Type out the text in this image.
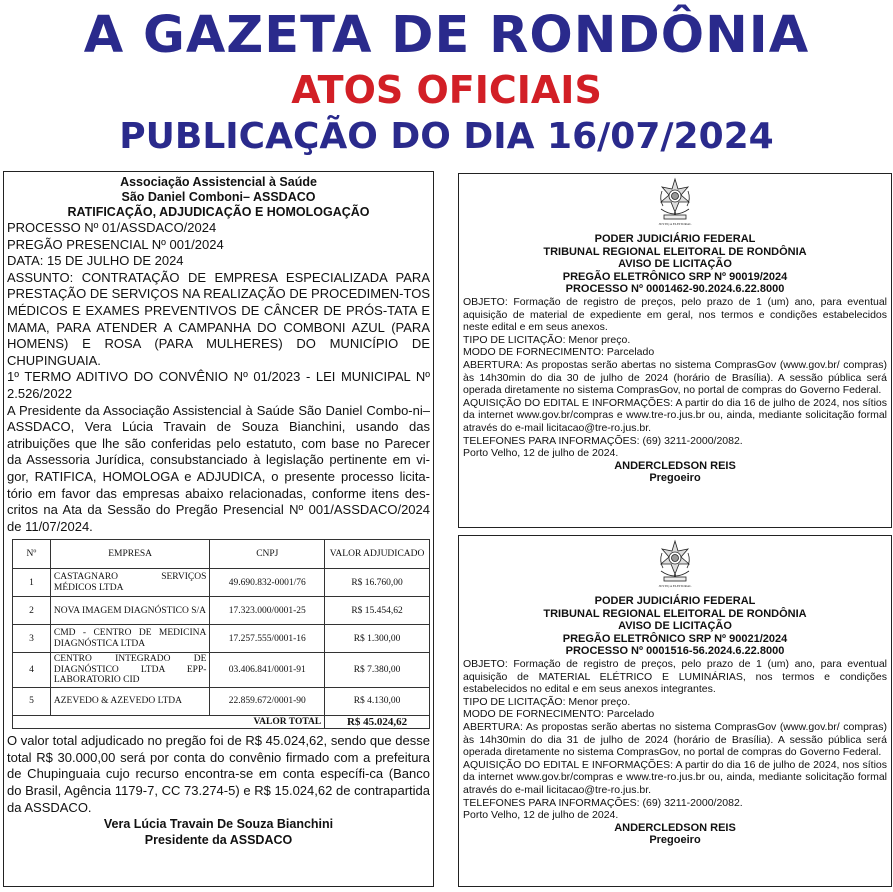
A GAZETA DE RONDÔNIA
ATOS OFICIAIS
PUBLICAÇÃO DO DIA 16/07/2024
Associação Assistencial à Saúde
São Daniel Comboni– ASSDACO
RATIFICAÇÃO, ADJUDICAÇÃO E HOMOLOGAÇÃO

PROCESSO Nº 01/ASSDACO/2024

PREGÃO PRESENCIAL Nº 001/2024

DATA: 15 DE JULHO DE 2024

ASSUNTO: CONTRATAÇÃO DE EMPRESA ESPECIALIZADA PARA PRESTAÇÃO DE SERVIÇOS NA REALIZAÇÃO DE PROCEDIMEN-TOS MÉDICOS E EXAMES PREVENTIVOS DE CÂNCER DE PRÓS-TATA E MAMA, PARA ATENDER A CAMPANHA DO COMBONI AZUL (PARA HOMENS) E ROSA (PARA MULHERES) DO MUNICÍPIO DE CHUPINGUAIA.

1º TERMO ADITIVO DO CONVÊNIO Nº 01/2023 - LEI MUNICIPAL Nº 2.526/2022

A Presidente da Associação Assistencial à Saúde São Daniel Combo-ni– ASSDACO, Vera Lúcia Travain de Souza Bianchini, usando das atribuições que lhe são conferidas pelo estatuto, com base no Parecer da Assessoria Jurídica, consubstanciado à legislação pertinente em vi-gor, RATIFICA, HOMOLOGA e ADJUDICA, o presente processo licita-tório em favor das empresas abaixo relacionadas, conforme itens des-critos na Ata da Sessão do Pregão Presencial Nº 001/ASSDACO/2024 de 11/07/2024.

Nº	EMPRESA	CNPJ	VALOR ADJUDICADO
1	CASTAGNARO SERVIÇOS MÉDICOS LTDA	49.690.832-0001/76	R$ 16.760,00
2	NOVA IMAGEM DIAGNÓSTICO S/A	17.323.000/0001-25	R$ 15.454,62
3	CMD - CENTRO DE MEDICINA DIAGNÓSTICA LTDA	17.257.555/0001-16	R$ 1.300,00
4	CENTRO INTEGRADO DE DIAGNÓSTICO LTDA EPP-LABORATORIO CID	03.406.841/0001-91	R$ 7.380,00
5	AZEVEDO & AZEVEDO LTDA	22.859.672/0001-90	R$ 4.130,00
VALOR TOTAL			R$ 45.024,62

O valor total adjudicado no pregão foi de R$ 45.024,62, sendo que desse total R$ 30.000,00 será por conta do convênio firmado com a prefeitura de Chupinguaia cujo recurso encontra-se em conta específi-ca (Banco do Brasil, Agência 1179-7, CC 73.274-5) e R$ 15.024,62 de contrapartida da ASSDACO.

Vera Lúcia Travain De Souza Bianchini
Presidente da ASSDACO
JUSTIÇA ELEITORAL
PODER JUDICIÁRIO FEDERAL
TRIBUNAL REGIONAL ELEITORAL DE RONDÔNIA
AVISO DE LICITAÇÃO
PREGÃO ELETRÔNICO SRP Nº 90019/2024
PROCESSO Nº 0001462-90.2024.6.22.8000

OBJETO: Formação de registro de preços, pelo prazo de 1 (um) ano, para eventual aquisição de material de expediente em geral, nos termos e condições estabelecidos neste edital e em seus anexos.

TIPO DE LICITAÇÃO: Menor preço.

MODO DE FORNECIMENTO: Parcelado

ABERTURA: As propostas serão abertas no sistema ComprasGov (www.gov.br/ compras) às 14h30min do dia 30 de julho de 2024 (horário de Brasília). A sessão pública será operada diretamente no sistema ComprasGov, no portal de compras do Governo Federal.

AQUISIÇÃO DO EDITAL E INFORMAÇÕES: A partir do dia 16 de julho de 2024, nos sítios da internet www.gov.br/compras e www.tre-ro.jus.br ou, ainda, mediante solicitação formal através do e-mail licitacao@tre-ro.jus.br.

TELEFONES PARA INFORMAÇÕES: (69) 3211-2000/2082.

Porto Velho, 12 de julho de 2024.

ANDERCLEDSON REIS
Pregoeiro
JUSTIÇA ELEITORAL
PODER JUDICIÁRIO FEDERAL
TRIBUNAL REGIONAL ELEITORAL DE RONDÔNIA
AVISO DE LICITAÇÃO
PREGÃO ELETRÔNICO SRP Nº 90021/2024
PROCESSO Nº 0001516-56.2024.6.22.8000

OBJETO: Formação de registro de preços, pelo prazo de 1 (um) ano, para eventual aquisição de MATERIAL ELÉTRICO E LUMINÁRIAS, nos termos e condições estabelecidos no edital e em seus anexos integrantes.

TIPO DE LICITAÇÃO: Menor preço.

MODO DE FORNECIMENTO: Parcelado

ABERTURA: As propostas serão abertas no sistema ComprasGov (www.gov.br/ compras) às 14h30min do dia 31 de julho de 2024 (horário de Brasília). A sessão pública será operada diretamente no sistema ComprasGov, no portal de compras do Governo Federal.

AQUISIÇÃO DO EDITAL E INFORMAÇÕES: A partir do dia 16 de julho de 2024, nos sítios da internet www.gov.br/compras e www.tre-ro.jus.br ou, ainda, mediante solicitação formal através do e-mail licitacao@tre-ro.jus.br.

TELEFONES PARA INFORMAÇÕES: (69) 3211-2000/2082.

Porto Velho, 12 de julho de 2024.

ANDERCLEDSON REIS
Pregoeiro
